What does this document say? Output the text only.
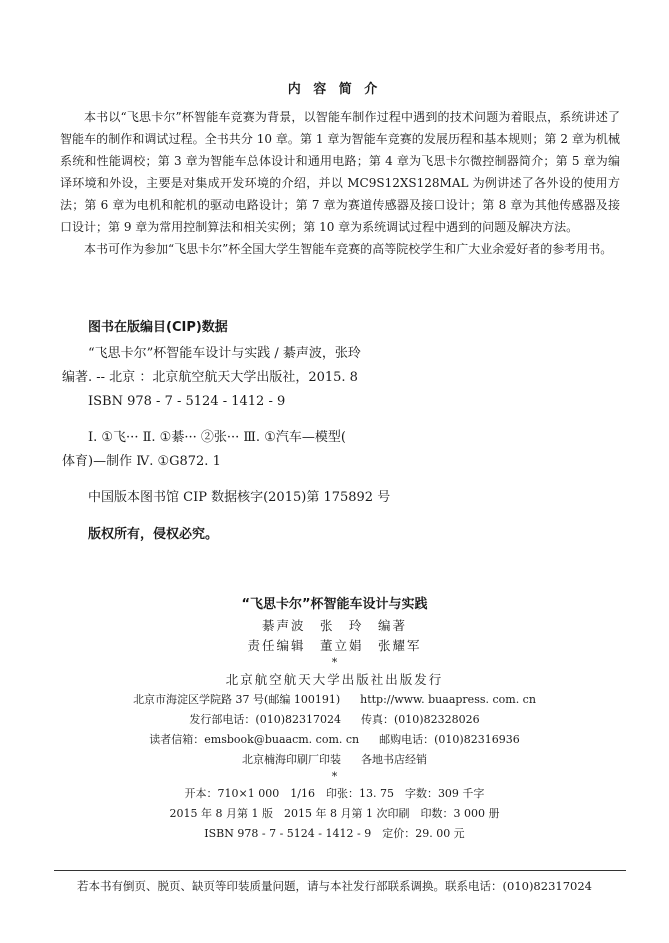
内 容 简 介

本书以“飞思卡尔”杯智能车竞赛为背景，以智能车制作过程中遇到的技术问题为着眼点，系统讲述了智能车的制作和调试过程。全书共分 10 章。第 1 章为智能车竞赛的发展历程和基本规则；第 2 章为机械系统和性能调校；第 3 章为智能车总体设计和通用电路；第 4 章为飞思卡尔微控制器简介；第 5 章为编译环境和外设，主要是对集成开发环境的介绍，并以 MC9S12XS128MAL 为例讲述了各外设的使用方法；第 6 章为电机和舵机的驱动电路设计；第 7 章为赛道传感器及接口设计；第 8 章为其他传感器及接口设计；第 9 章为常用控制算法和相关实例；第 10 章为系统调试过程中遇到的问题及解决方法。

本书可作为参加“飞思卡尔”杯全国大学生智能车竞赛的高等院校学生和广大业余爱好者的参考用书。

图书在版编目(CIP)数据

“飞思卡尔”杯智能车设计与实践 / 綦声波，张玲

编著. -- 北京 ：北京航空航天大学出版社，2015. 8

ISBN 978 - 7 - 5124 - 1412 - 9

Ⅰ. ①飞··· Ⅱ. ①綦··· ②张··· Ⅲ. ①汽车—模型(

体育)—制作 Ⅳ. ①G872. 1

中国版本图书馆 CIP 数据核字(2015)第 175892 号

版权所有，侵权必究。
“飞思卡尔”杯智能车设计与实践
綦声波　张　玲　编著
责任编辑　董立娟　张耀军
*
北京航空航天大学出版社出版发行
北京市海淀区学院路 37 号(邮编 100191) http://www. buaapress. com. cn
发行部电话：(010)82317024 传真：(010)82328026
读者信箱：emsbook@buaacm. com. cn 邮购电话：(010)82316936
北京楠海印刷厂印装 各地书店经销
*
开本：710×1 000　1/16　印张：13. 75　字数：309 千字
2015 年 8 月第 1 版　2015 年 8 月第 1 次印刷　印数：3 000 册
ISBN 978 - 7 - 5124 - 1412 - 9　定价：29. 00 元
若本书有倒页、脱页、缺页等印装质量问题，请与本社发行部联系调换。联系电话：(010)82317024
